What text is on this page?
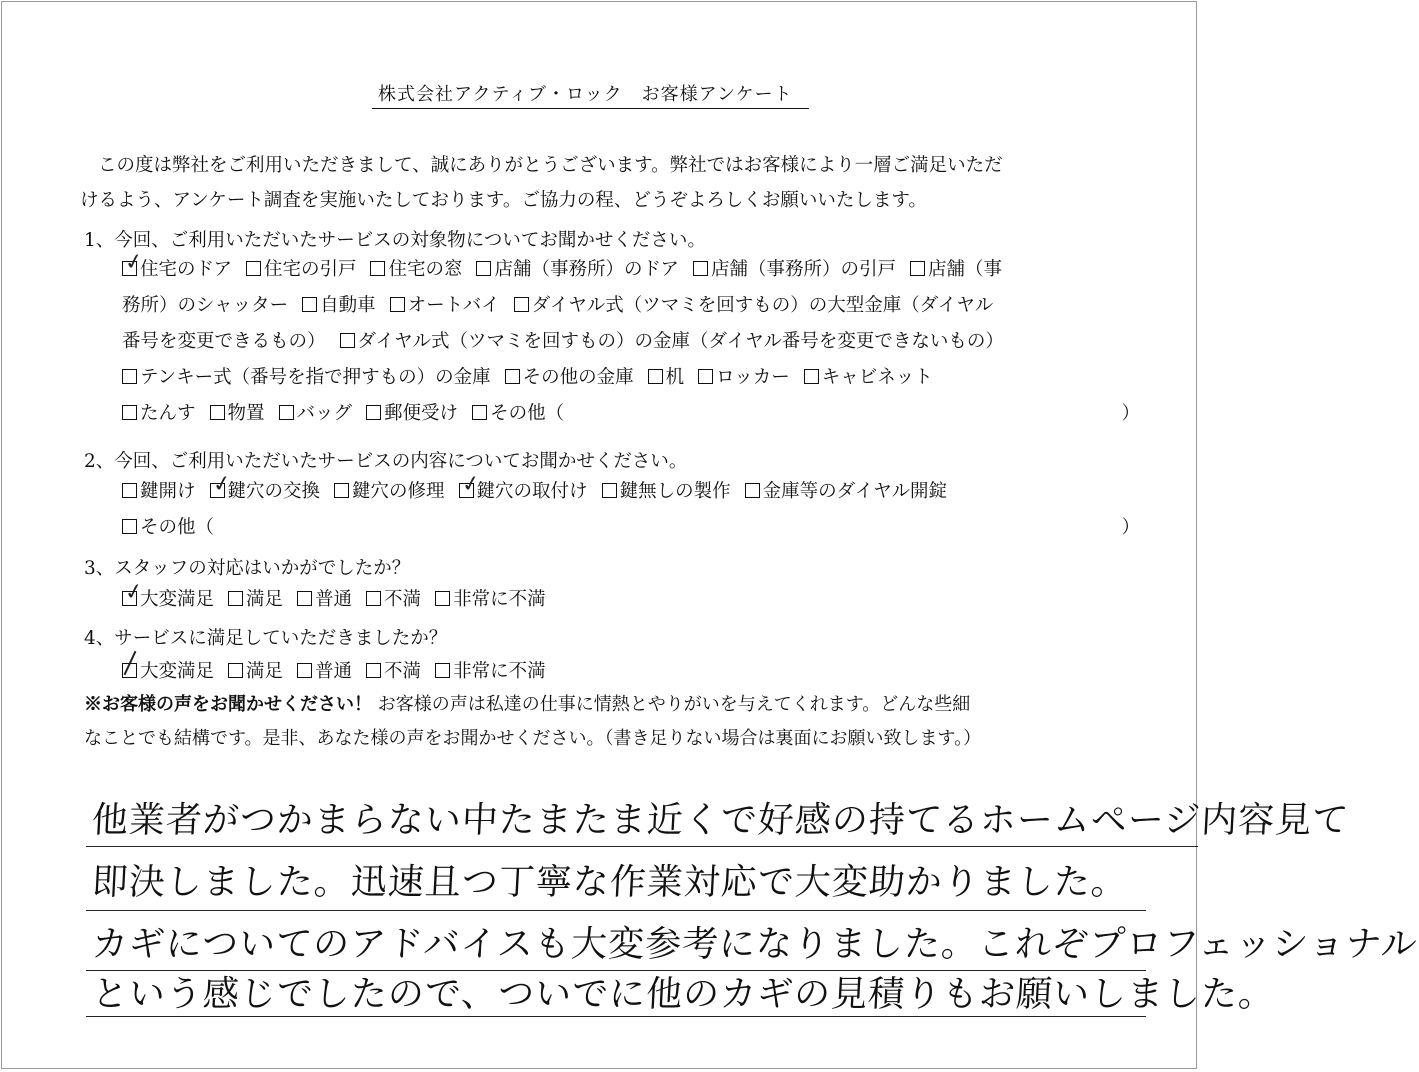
株式会社アクティブ・ロック　お客様アンケート
この度は弊社をご利用いただきまして、誠にありがとうございます。弊社ではお客様により一層ご満足いただ
けるよう、アンケート調査を実施いたしております。ご協力の程、どうぞよろしくお願いいたします。
1、今回、ご利用いただいたサービスの対象物についてお聞かせください。
✓
住宅のドア 住宅の引戸 住宅の窓 店舗（事務所）のドア 店舗（事務所）の引戸 店舗（事
務所）のシャッター 自動車 オートバイ ダイヤル式（ツマミを回すもの）の大型金庫（ダイヤル
番号を変更できるもの） ダイヤル式（ツマミを回すもの）の金庫（ダイヤル番号を変更できないもの）
テンキー式（番号を指で押すもの）の金庫 その他の金庫 机 ロッカー キャビネット
たんす 物置 バッグ 郵便受け その他（	）
2、今回、ご利用いただいたサービスの内容についてお聞かせください。
鍵開け ✓
鍵穴の交換 鍵穴の修理 ✓
鍵穴の取付け 鍵無しの製作 金庫等のダイヤル開錠
その他（	）
3、スタッフの対応はいかがでしたか？
✓
大変満足 満足 普通 不満 非常に不満
4、サービスに満足していただきましたか？
大変満足 満足 普通 不満 非常に不満
※お客様の声をお聞かせください！ お客様の声は私達の仕事に情熱とやりがいを与えてくれます。どんな些細
なことでも結構です。是非、あなた様の声をお聞かせください。（書き足りない場合は裏面にお願い致します。）
他業者がつかまらない中たまたま近くで好感の持てるホームページ内容見て
即決しました。迅速且つ丁寧な作業対応で大変助かりました。
カギについてのアドバイスも大変参考になりました。これぞプロフェッショナル
という感じでしたので、ついでに他のカギの見積りもお願いしました。
